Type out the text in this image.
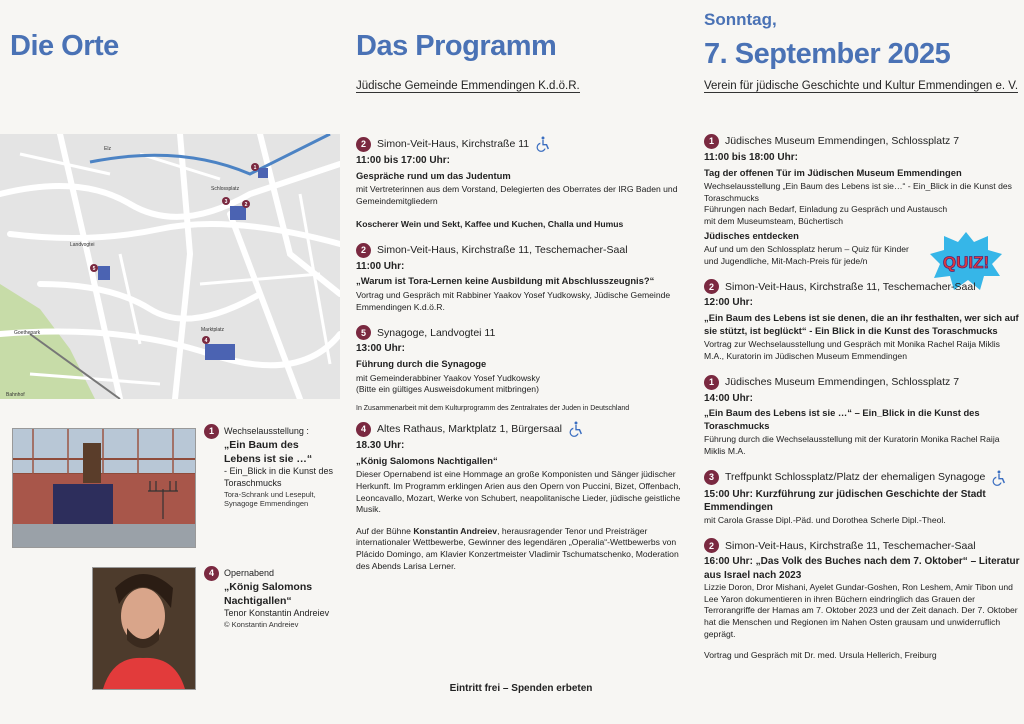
Die Orte
Schlossplatz
Landvogtei
Marktplatz
Goethepark
Bahnhof
Elz
1
2
3
4
5
1	Wechselausstellung :
„Ein Baum des Lebens ist sie …“
- Ein_Blick in die Kunst des Toraschmucks
Tora-Schrank und Lesepult, Synagoge Emmendingen
4	Opernabend
„König Salomons Nachtigallen“
Tenor Konstantin Andreiev
© Konstantin Andreiev
Das Programm
Jüdische Gemeinde Emmendingen K.d.ö.R.
2	Simon-Veit-Haus, Kirchstraße 11
11:00 bis 17:00 Uhr:
Gespräche rund um das Judentum
mit Vertreterinnen aus dem Vorstand, Delegierten des Oberrates der IRG Baden und Gemeindemitgliedern
Koscherer Wein und Sekt, Kaffee und Kuchen, Challa und Humus
2	Simon-Veit-Haus, Kirchstraße 11, Teschemacher-Saal
11:00 Uhr:
„Warum ist Tora-Lernen keine Ausbildung mit Abschlusszeugnis?“
Vortrag und Gespräch mit Rabbiner Yaakov Yosef Yudkowsky, Jüdische Gemeinde Emmendingen K.d.ö.R.
5	Synagoge, Landvogtei 11
13:00 Uhr:
Führung durch die Synagoge
mit Gemeinderabbiner Yaakov Yosef Yudkowsky
(Bitte ein gültiges Ausweisdokument mitbringen)
In Zusammenarbeit mit dem Kulturprogramm des Zentralrates der Juden in Deutschland
4	Altes Rathaus, Marktplatz 1, Bürgersaal
18.30 Uhr:
„König Salomons Nachtigallen“
Dieser Opernabend ist eine Hommage an große Komponisten und Sänger jüdischer Herkunft. Im Programm erklingen Arien aus den Opern von Puccini, Bizet, Offenbach, Leoncavallo, Mozart, Werke von Schubert, neapolitanische Lieder, jüdische geistliche Musik.
Auf der Bühne Konstantin Andreiev, herausragender Tenor und Preisträger internationaler Wettbewerbe, Gewinner des legendären „Operalia“-Wettbewerbs von Plácido Domingo, am Klavier Konzertmeister Vladimir Tschumatschenko, Moderation des Abends Larisa Lerner.
Eintritt frei – Spenden erbeten
Sonntag,
7. September 2025
Verein für jüdische Geschichte und Kultur Emmendingen e. V.
QUIZ!
1	Jüdisches Museum Emmendingen, Schlossplatz 7
11:00 bis 18:00 Uhr:
Tag der offenen Tür im Jüdischen Museum Emmendingen
Wechselausstellung „Ein Baum des Lebens ist sie…“ - Ein_Blick in die Kunst des Toraschmucks
Führungen nach Bedarf, Einladung zu Gespräch und Austausch mit dem Museumsteam, Büchertisch
Jüdisches entdecken
Auf und um den Schlossplatz herum – Quiz für Kinder und Jugendliche, Mit-Mach-Preis für jede/n
2	Simon-Veit-Haus, Kirchstraße 11, Teschemacher-Saal
12:00 Uhr:
„Ein Baum des Lebens ist sie denen, die an ihr festhalten, wer sich auf sie stützt, ist beglückt“ - Ein Blick in die Kunst des Toraschmucks
Vortrag zur Wechselausstellung und Gespräch mit Monika Rachel Raija Miklis M.A., Kuratorin im Jüdischen Museum Emmendingen
1	Jüdisches Museum Emmendingen, Schlossplatz 7
14:00 Uhr:
„Ein Baum des Lebens ist sie …“ – Ein_Blick in die Kunst des Toraschmucks
Führung durch die Wechselausstellung mit der Kuratorin Monika Rachel Raija Miklis M.A.
3	Treffpunkt Schlossplatz/Platz der ehemaligen Synagoge
15:00 Uhr: Kurzführung zur jüdischen Geschichte der Stadt Emmendingen
mit Carola Grasse Dipl.-Päd. und Dorothea Scherle Dipl.-Theol.
2	Simon-Veit-Haus, Kirchstraße 11, Teschemacher-Saal
16:00 Uhr: „Das Volk des Buches nach dem 7. Oktober“ – Literatur aus Israel nach 2023
Lizzie Doron, Dror Mishani, Ayelet Gundar-Goshen, Ron Leshem, Amir Tibon und Lee Yaron dokumentieren in ihren Büchern eindringlich das Grauen der Terrorangriffe der Hamas am 7. Oktober 2023 und der Zeit danach. Der 7. Oktober hat die Menschen und Regionen im Nahen Osten grausam und unwiderruflich geprägt.
Vortrag und Gespräch mit Dr. med. Ursula Hellerich, Freiburg
